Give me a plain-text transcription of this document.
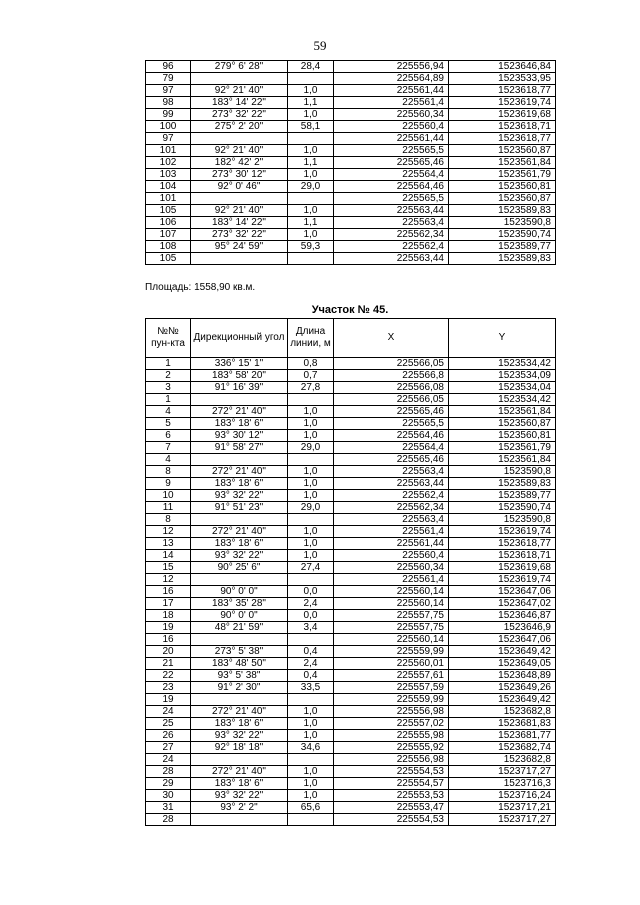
59
96	279° 6' 28"	28,4	225556,94	1523646,84
79			225564,89	1523533,95
97	92° 21' 40"	1,0	225561,44	1523618,77
98	183° 14' 22"	1,1	225561,4	1523619,74
99	273° 32' 22"	1,0	225560,34	1523619,68
100	275° 2' 20"	58,1	225560,4	1523618,71
97			225561,44	1523618,77
101	92° 21' 40"	1,0	225565,5	1523560,87
102	182° 42' 2"	1,1	225565,46	1523561,84
103	273° 30' 12"	1,0	225564,4	1523561,79
104	92° 0' 46"	29,0	225564,46	1523560,81
101			225565,5	1523560,87
105	92° 21' 40"	1,0	225563,44	1523589,83
106	183° 14' 22"	1,1	225563,4	1523590,8
107	273° 32' 22"	1,0	225562,34	1523590,74
108	95° 24' 59"	59,3	225562,4	1523589,77
105			225563,44	1523589,83
Площадь: 1558,90 кв.м.
Участок № 45.
№№ пун-кта	Дирекционный угол	Длина линии, м	X	Y
1	336° 15' 1"	0,8	225566,05	1523534,42
2	183° 58' 20"	0,7	225566,8	1523534,09
3	91° 16' 39"	27,8	225566,08	1523534,04
1			225566,05	1523534,42
4	272° 21' 40"	1,0	225565,46	1523561,84
5	183° 18' 6"	1,0	225565,5	1523560,87
6	93° 30' 12"	1,0	225564,46	1523560,81
7	91° 58' 27"	29,0	225564,4	1523561,79
4			225565,46	1523561,84
8	272° 21' 40"	1,0	225563,4	1523590,8
9	183° 18' 6"	1,0	225563,44	1523589,83
10	93° 32' 22"	1,0	225562,4	1523589,77
11	91° 51' 23"	29,0	225562,34	1523590,74
8			225563,4	1523590,8
12	272° 21' 40"	1,0	225561,4	1523619,74
13	183° 18' 6"	1,0	225561,44	1523618,77
14	93° 32' 22"	1,0	225560,4	1523618,71
15	90° 25' 6"	27,4	225560,34	1523619,68
12			225561,4	1523619,74
16	90° 0' 0"	0,0	225560,14	1523647,06
17	183° 35' 28"	2,4	225560,14	1523647,02
18	90° 0' 0"	0,0	225557,75	1523646,87
19	48° 21' 59"	3,4	225557,75	1523646,9
16			225560,14	1523647,06
20	273° 5' 38"	0,4	225559,99	1523649,42
21	183° 48' 50"	2,4	225560,01	1523649,05
22	93° 5' 38"	0,4	225557,61	1523648,89
23	91° 2' 30"	33,5	225557,59	1523649,26
19			225559,99	1523649,42
24	272° 21' 40"	1,0	225556,98	1523682,8
25	183° 18' 6"	1,0	225557,02	1523681,83
26	93° 32' 22"	1,0	225555,98	1523681,77
27	92° 18' 18"	34,6	225555,92	1523682,74
24			225556,98	1523682,8
28	272° 21' 40"	1,0	225554,53	1523717,27
29	183° 18' 6"	1,0	225554,57	1523716,3
30	93° 32' 22"	1,0	225553,53	1523716,24
31	93° 2' 2"	65,6	225553,47	1523717,21
28			225554,53	1523717,27
